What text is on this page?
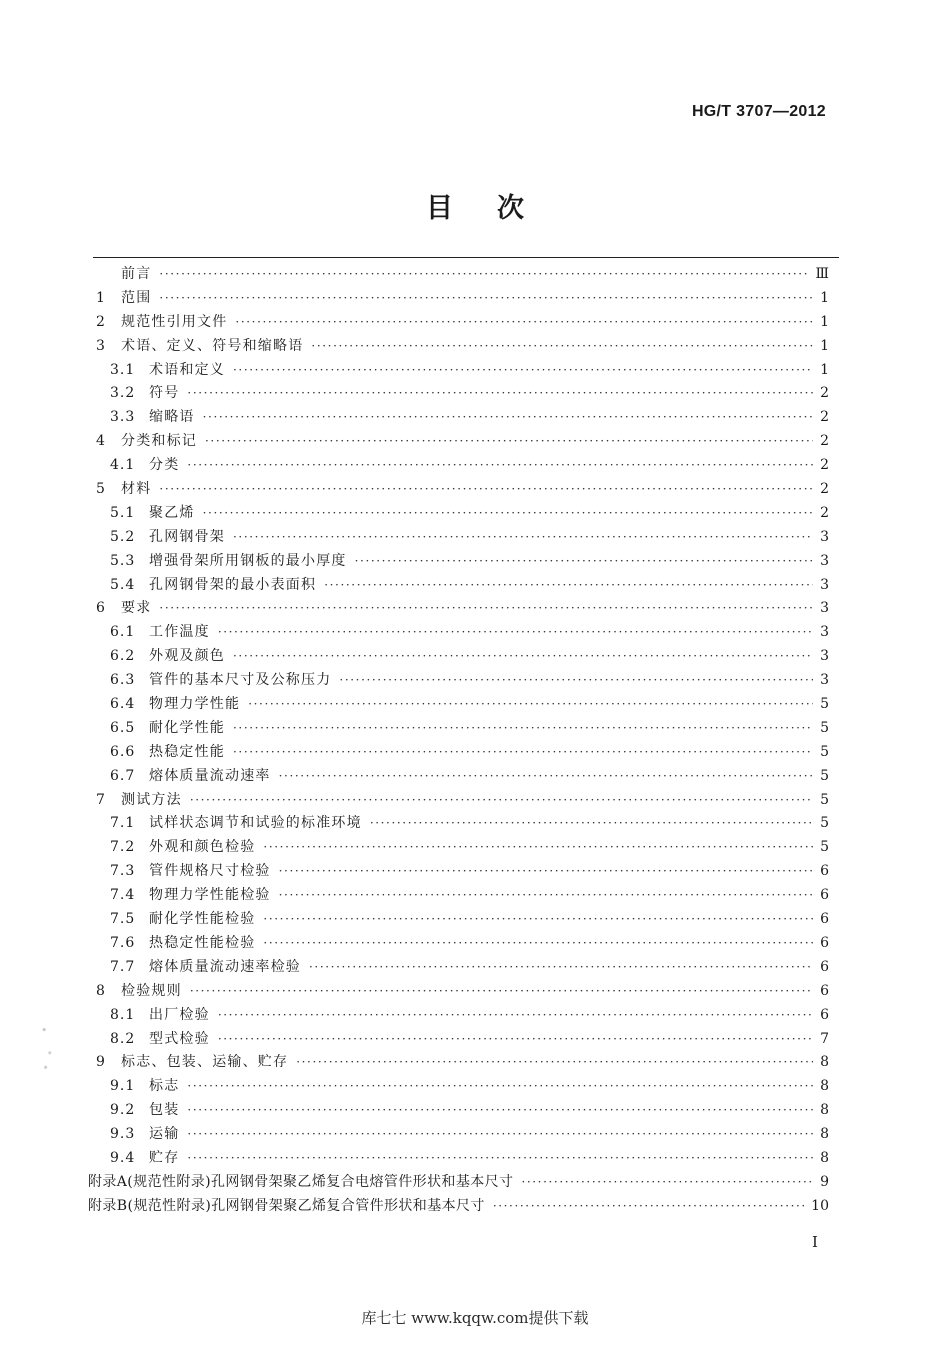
HG/T 3707—2012
目次
前言 ·····	Ⅲ
1	范围 ·····	1
2	规范性引用文件 ·····	1
3	术语、定义、符号和缩略语 ·····	1
3.1 术语和定义 ·····	1
3.2 符号 ·····	2
3.3 缩略语 ·····	2
4	分类和标记 ·····	2
4.1 分类 ·····	2
5	材料 ·····	2
5.1 聚乙烯 ·····	2
5.2 孔网钢骨架 ·····	3
5.3 增强骨架所用钢板的最小厚度 ·····	3
5.4 孔网钢骨架的最小表面积 ·····	3
6	要求 ·····	3
6.1 工作温度 ·····	3
6.2 外观及颜色 ·····	3
6.3 管件的基本尺寸及公称压力 ·····	3
6.4 物理力学性能 ·····	5
6.5 耐化学性能 ·····	5
6.6 热稳定性能 ·····	5
6.7 熔体质量流动速率 ·····	5
7	测试方法 ·····	5
7.1 试样状态调节和试验的标准环境 ·····	5
7.2 外观和颜色检验 ·····	5
7.3 管件规格尺寸检验 ·····	6
7.4 物理力学性能检验 ·····	6
7.5 耐化学性能检验 ·····	6
7.6 热稳定性能检验 ·····	6
7.7 熔体质量流动速率检验 ·····	6
8	检验规则 ·····	6
8.1 出厂检验 ·····	6
8.2 型式检验 ·····	7
9	标志、包装、运输、贮存 ·····	8
9.1 标志 ·····	8
9.2 包装 ·····	8
9.3 运输 ·····	8
9.4 贮存 ·····	8
附录A(规范性附录)孔网钢骨架聚乙烯复合电熔管件形状和基本尺寸 ·····	9
附录B(规范性附录)孔网钢骨架聚乙烯复合管件形状和基本尺寸 ·····	10
I
库七七 www.kqqw.com提供下载
